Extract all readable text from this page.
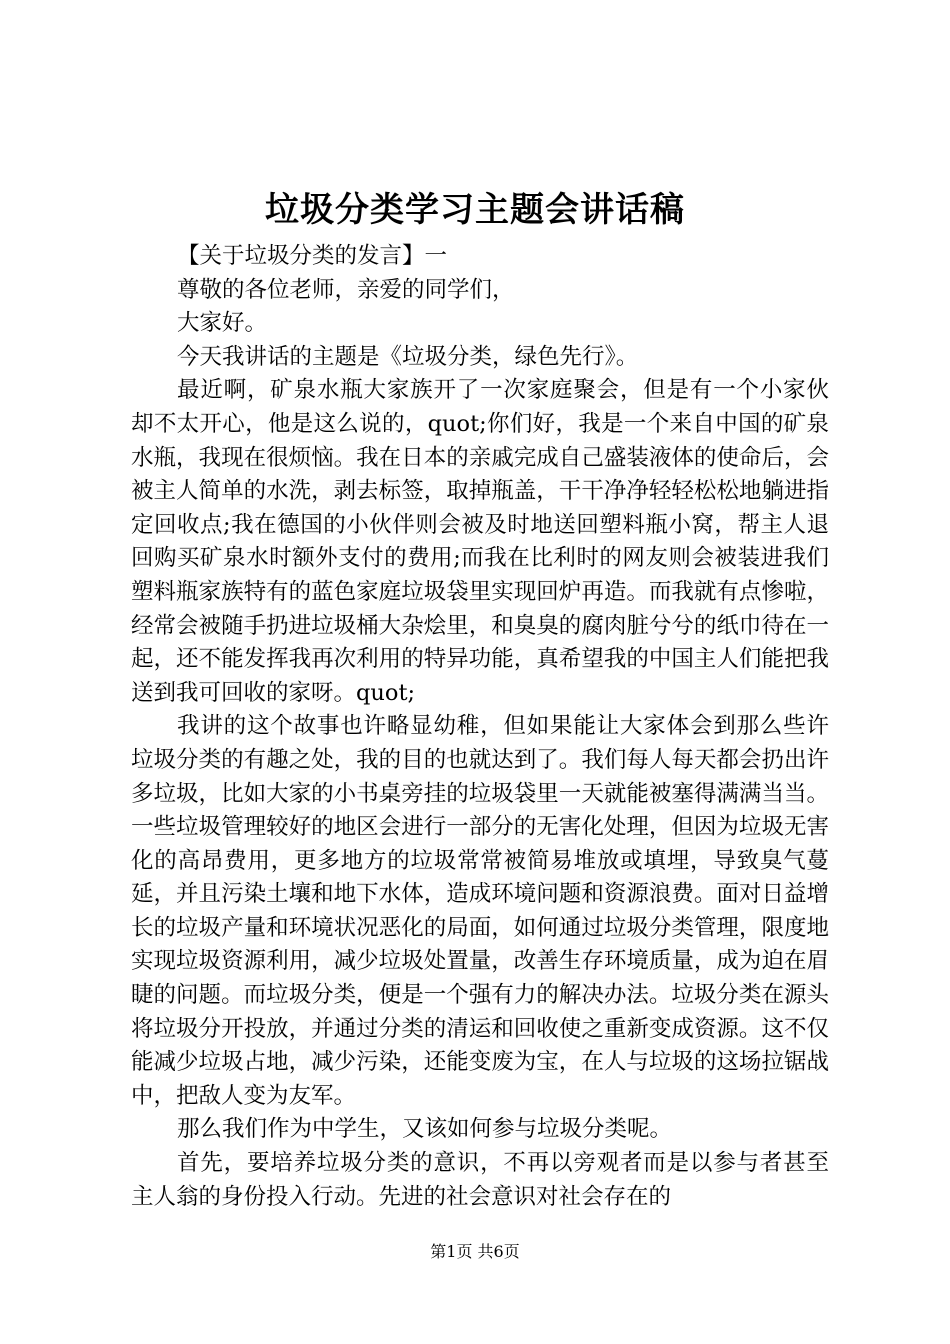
垃圾分类学习主题会讲话稿

【关于垃圾分类的发言】一

尊敬的各位老师，亲爱的同学们，

大家好。

今天我讲话的主题是《垃圾分类，绿色先行》。

最近啊，矿泉水瓶大家族开了一次家庭聚会，但是有一个小家伙却不太开心，他是这么说的，quot;你们好，我是一个来自中国的矿泉水瓶，我现在很烦恼。我在日本的亲戚完成自己盛装液体的使命后，会被主人简单的水洗，剥去标签，取掉瓶盖，干干净净轻轻松松地躺进指定回收点;我在德国的小伙伴则会被及时地送回塑料瓶小窝，帮主人退回购买矿泉水时额外支付的费用;而我在比利时的网友则会被装进我们塑料瓶家族特有的蓝色家庭垃圾袋里实现回炉再造。而我就有点惨啦，经常会被随手扔进垃圾桶大杂烩里，和臭臭的腐肉脏兮兮的纸巾待在一起，还不能发挥我再次利用的特异功能，真希望我的中国主人们能把我送到我可回收的家呀。quot;

我讲的这个故事也许略显幼稚，但如果能让大家体会到那么些许垃圾分类的有趣之处，我的目的也就达到了。我们每人每天都会扔出许多垃圾，比如大家的小书桌旁挂的垃圾袋里一天就能被塞得满满当当。一些垃圾管理较好的地区会进行一部分的无害化处理，但因为垃圾无害化的高昂费用，更多地方的垃圾常常被简易堆放或填埋，导致臭气蔓延，并且污染土壤和地下水体，造成环境问题和资源浪费。面对日益增长的垃圾产量和环境状况恶化的局面，如何通过垃圾分类管理，限度地实现垃圾资源利用，减少垃圾处置量，改善生存环境质量，成为迫在眉睫的问题。而垃圾分类，便是一个强有力的解决办法。垃圾分类在源头将垃圾分开投放，并通过分类的清运和回收使之重新变成资源。这不仅能减少垃圾占地，减少污染，还能变废为宝，在人与垃圾的这场拉锯战中，把敌人变为友军。

那么我们作为中学生，又该如何参与垃圾分类呢。

首先，要培养垃圾分类的意识，不再以旁观者而是以参与者甚至主人翁的身份投入行动。先进的社会意识对社会存在的

第1页 共6页
